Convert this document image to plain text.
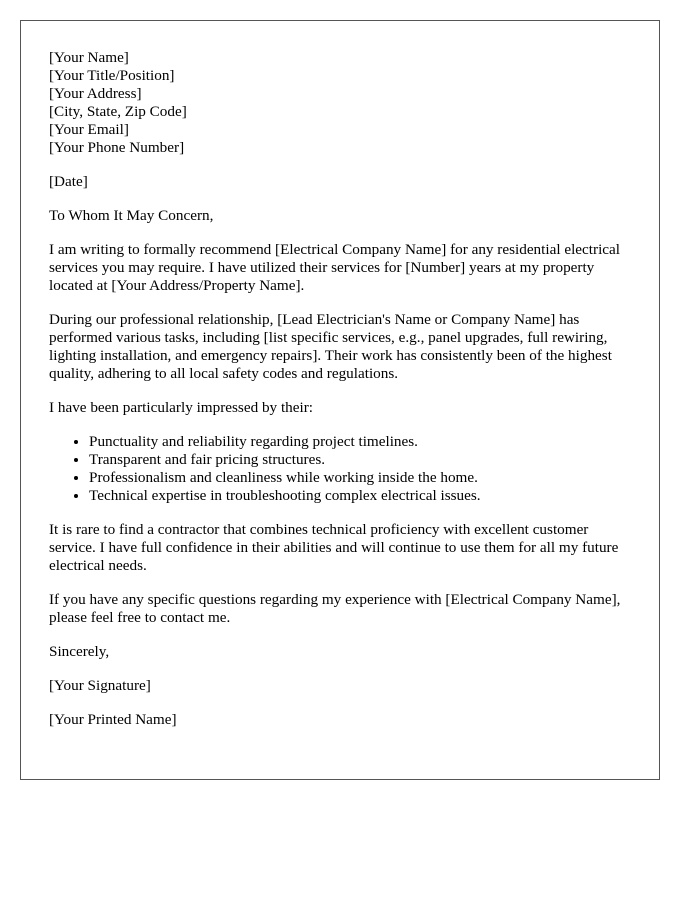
[Your Name]
[Your Title/Position]
[Your Address]
[City, State, Zip Code]
[Your Email]
[Your Phone Number]

[Date]

To Whom It May Concern,

I am writing to formally recommend [Electrical Company Name] for any residential electrical services you may require. I have utilized their services for [Number] years at my property located at [Your Address/Property Name].

During our professional relationship, [Lead Electrician's Name or Company Name] has performed various tasks, including [list specific services, e.g., panel upgrades, full rewiring, lighting installation, and emergency repairs]. Their work has consistently been of the highest quality, adhering to all local safety codes and regulations.

I have been particularly impressed by their:

• Punctuality and reliability regarding project timelines.
• Transparent and fair pricing structures.
• Professionalism and cleanliness while working inside the home.
• Technical expertise in troubleshooting complex electrical issues.

It is rare to find a contractor that combines technical proficiency with excellent customer service. I have full confidence in their abilities and will continue to use them for all my future electrical needs.

If you have any specific questions regarding my experience with [Electrical Company Name], please feel free to contact me.

Sincerely,

[Your Signature]

[Your Printed Name]
